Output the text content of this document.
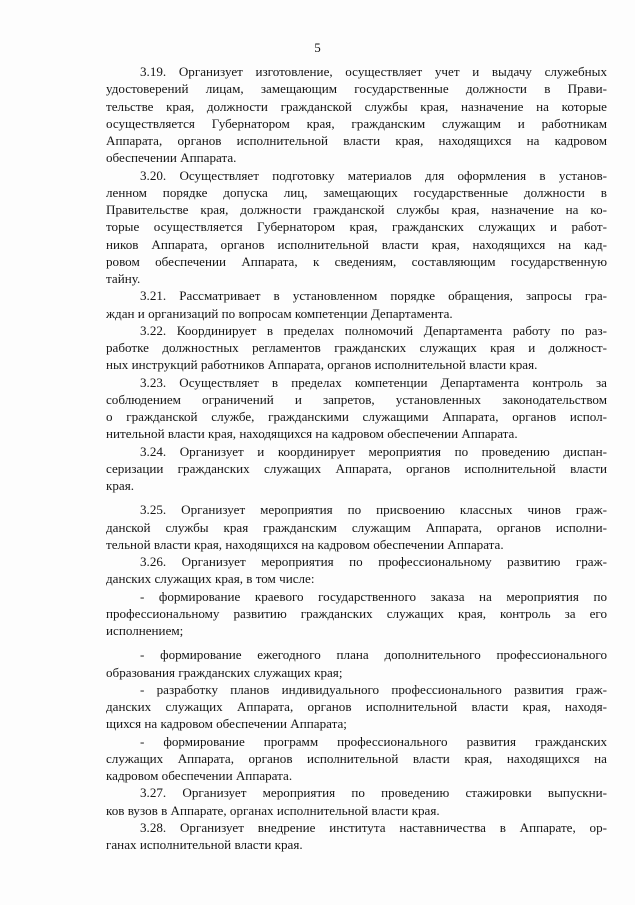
5
3.19. Организует изготовление, осуществляет учет и выдачу служебных
удостоверений лицам, замещающим государственные должности в Прави-
тельстве края, должности гражданской службы края, назначение на которые
осуществляется Губернатором края, гражданским служащим и работникам
Аппарата, органов исполнительной власти края, находящихся на кадровом
обеспечении Аппарата.
3.20. Осуществляет подготовку материалов для оформления в установ-
ленном порядке допуска лиц, замещающих государственные должности в
Правительстве края, должности гражданской службы края, назначение на ко-
торые осуществляется Губернатором края, гражданских служащих и работ-
ников Аппарата, органов исполнительной власти края, находящихся на кад-
ровом обеспечении Аппарата, к сведениям, составляющим государственную
тайну.
3.21. Рассматривает в установленном порядке обращения, запросы гра-
ждан и организаций по вопросам компетенции Департамента.
3.22. Координирует в пределах полномочий Департамента работу по раз-
работке должностных регламентов гражданских служащих края и должност-
ных инструкций работников Аппарата, органов исполнительной власти края.
3.23. Осуществляет в пределах компетенции Департамента контроль за
соблюдением ограничений и запретов, установленных законодательством
о гражданской службе, гражданскими служащими Аппарата, органов испол-
нительной власти края, находящихся на кадровом обеспечении Аппарата.
3.24. Организует и координирует мероприятия по проведению диспан-
серизации гражданских служащих Аппарата, органов исполнительной власти
края.
3.25. Организует мероприятия по присвоению классных чинов граж-
данской службы края гражданским служащим Аппарата, органов исполни-
тельной власти края, находящихся на кадровом обеспечении Аппарата.
3.26. Организует мероприятия по профессиональному развитию граж-
данских служащих края, в том числе:
- формирование краевого государственного заказа на мероприятия по
профессиональному развитию гражданских служащих края, контроль за его
исполнением;
- формирование ежегодного плана дополнительного профессионального
образования гражданских служащих края;
- разработку планов индивидуального профессионального развития граж-
данских служащих Аппарата, органов исполнительной власти края, находя-
щихся на кадровом обеспечении Аппарата;
- формирование программ профессионального развития гражданских
служащих Аппарата, органов исполнительной власти края, находящихся на
кадровом обеспечении Аппарата.
3.27. Организует мероприятия по проведению стажировки выпускни-
ков вузов в Аппарате, органах исполнительной власти края.
3.28. Организует внедрение института наставничества в Аппарате, ор-
ганах исполнительной власти края.
